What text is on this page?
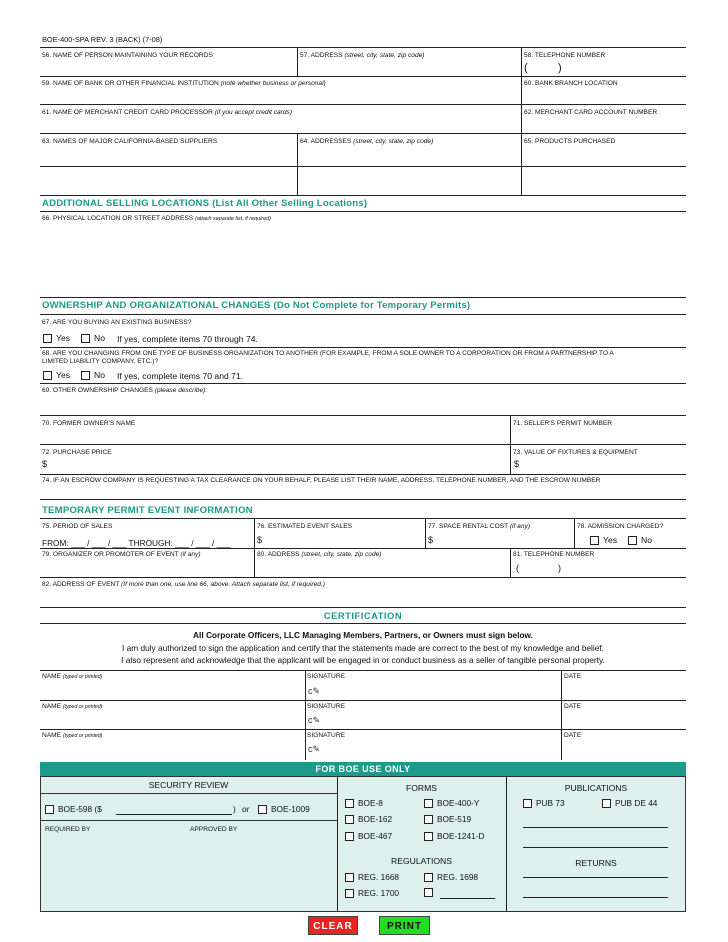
BOE-400-SPA REV. 3 (BACK) (7-08)
56. NAME OF PERSON MAINTAINING YOUR RECORDS	57. ADDRESS (street, city, state, zip code)	58. TELEPHONE NUMBER
(	)
59. NAME OF BANK OR OTHER FINANCIAL INSTITUTION (note whether business or personal)	60. BANK BRANCH LOCATION
61. NAME OF MERCHANT CREDIT CARD PROCESSOR (if you accept credit cards)	62. MERCHANT CARD ACCOUNT NUMBER
63. NAMES OF MAJOR CALIFORNIA-BASED SUPPLIERS	64. ADDRESSES (street, city, state, zip code)	65. PRODUCTS PURCHASED
ADDITIONAL SELLING LOCATIONS (List All Other Selling Locations)
66. PHYSICAL LOCATION OR STREET ADDRESS (attach separate list, if required)
OWNERSHIP AND ORGANIZATIONAL CHANGES (Do Not Complete for Temporary Permits)
67. ARE YOU BUYING AN EXISTING BUSINESS?
Yes	No If yes, complete items 70 through 74.
68. ARE YOU CHANGING FROM ONE TYPE OF BUSINESS ORGANIZATION TO ANOTHER (FOR EXAMPLE, FROM A SOLE OWNER TO A CORPORATION OR FROM A PARTNERSHIP TO A
LIMITED LIABILITY COMPANY, ETC.)?
Yes	No If yes, complete items 70 and 71.
69. OTHER OWNERSHIP CHANGES (please describe):
70. FORMER OWNER'S NAME	71. SELLER'S PERMIT NUMBER
72. PURCHASE PRICE
$
73. VALUE OF FIXTURES & EQUIPMENT
$
74. IF AN ESCROW COMPANY IS REQUESTING A TAX CLEARANCE ON YOUR BEHALF, PLEASE LIST THEIR NAME, ADDRESS, TELEPHONE NUMBER, AND THE ESCROW NUMBER
TEMPORARY PERMIT EVENT INFORMATION
75. PERIOD OF SALES
FROM: ___ / ___ / ___ THROUGH: ___ / ___ / ___
76. ESTIMATED EVENT SALES
$
77. SPACE RENTAL COST (if any)
$
78. ADMISSION CHARGED?
Yes	No
79. ORGANIZER OR PROMOTER OF EVENT (if any)	80. ADDRESS (street, city, state, zip code)	81. TELEPHONE NUMBER
(	)
82. ADDRESS OF EVENT (If more than one, use line 66, above. Attach separate list, if required.)
CERTIFICATION
All Corporate Officers, LLC Managing Members, Partners, or Owners must sign below.
I am duly authorized to sign the application and certify that the statements made are correct to the best of my knowledge and belief.
I also represent and acknowledge that the applicant will be engaged in or conduct business as a seller of tangible personal property.
NAME (typed or printed)	SIGNATURE	DATE
c✎
NAME (typed or printed)	SIGNATURE	DATE
c✎
NAME (typed or printed)	SIGNATURE	DATE
c✎
FOR BOE USE ONLY
SECURITY REVIEW
BOE-598 ($	) or	BOE-1009
REQUIRED BY	APPROVED BY
FORMS
BOE-8	BOE-400-Y
BOE-162	BOE-519
BOE-467	BOE-1241-D
REGULATIONS
REG. 1668	REG. 1698
REG. 1700
PUBLICATIONS
PUB 73	PUB DE 44
RETURNS
CLEAR	PRINT
